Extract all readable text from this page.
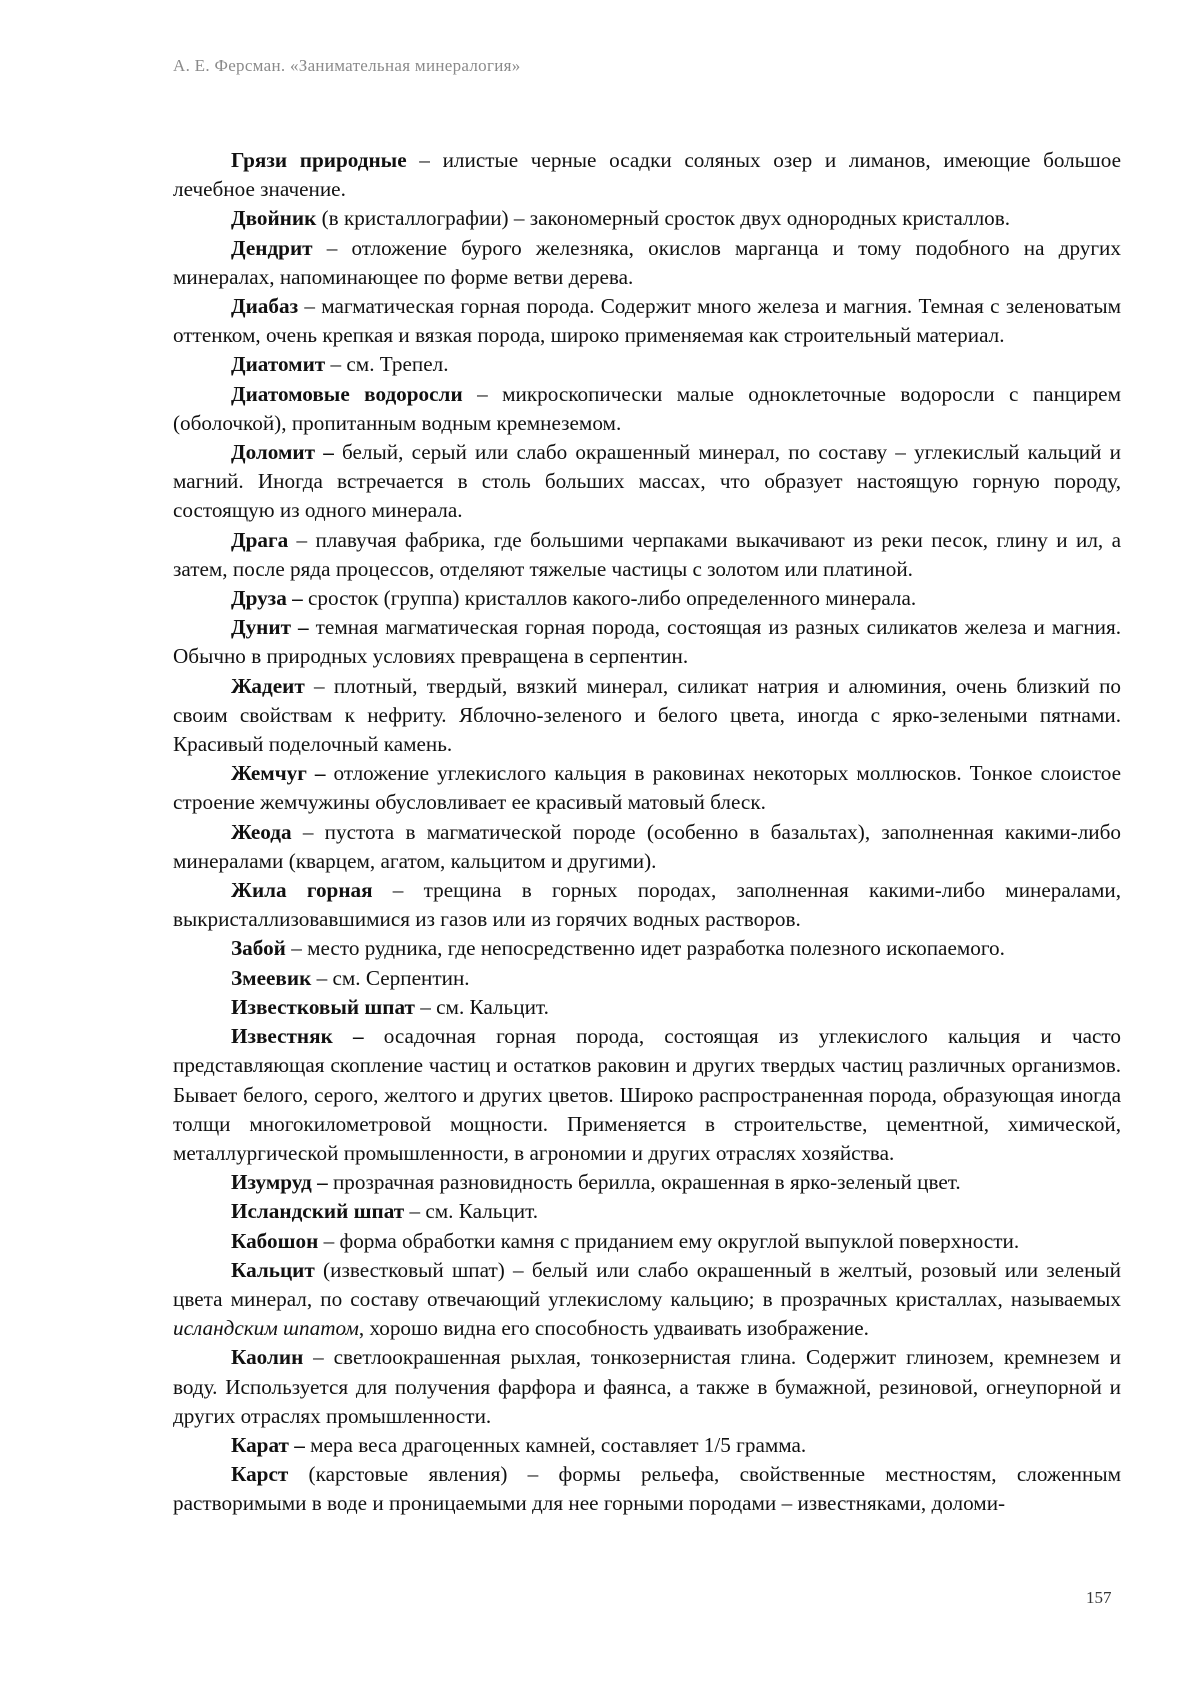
А. Е. Ферсман. «Занимательная минералогия»

Грязи природные – илистые черные осадки соляных озер и лиманов, имеющие большое лечебное значение.

Двойник (в кристаллографии) – закономерный сросток двух однородных кристаллов.

Дендрит – отложение бурого железняка, окислов марганца и тому подобного на других минералах, напоминающее по форме ветви дерева.

Диабаз – магматическая горная порода. Содержит много железа и магния. Темная с зеленоватым оттенком, очень крепкая и вязкая порода, широко применяемая как строительный материал.

Диатомит – см. Трепел.

Диатомовые водоросли – микроскопически малые одноклеточные водоросли с панцирем (оболочкой), пропитанным водным кремнеземом.

Доломит – белый, серый или слабо окрашенный минерал, по составу – углекислый кальций и магний. Иногда встречается в столь больших массах, что образует настоящую горную породу, состоящую из одного минерала.

Драга – плавучая фабрика, где большими черпаками выкачивают из реки песок, глину и ил, а затем, после ряда процессов, отделяют тяжелые частицы с золотом или платиной.

Друза – сросток (группа) кристаллов какого-либо определенного минерала.

Дунит – темная магматическая горная порода, состоящая из разных силикатов железа и магния. Обычно в природных условиях превращена в серпентин.

Жадеит – плотный, твердый, вязкий минерал, силикат натрия и алюминия, очень близкий по своим свойствам к нефриту. Яблочно-зеленого и белого цвета, иногда с ярко-зелеными пятнами. Красивый поделочный камень.

Жемчуг – отложение углекислого кальция в раковинах некоторых моллюсков. Тонкое слоистое строение жемчужины обусловливает ее красивый матовый блеск.

Жеода – пустота в магматической породе (особенно в базальтах), заполненная какими-либо минералами (кварцем, агатом, кальцитом и другими).

Жила горная – трещина в горных породах, заполненная какими-либо минералами, выкристаллизовавшимися из газов или из горячих водных растворов.

Забой – место рудника, где непосредственно идет разработка полезного ископаемого.

Змеевик – см. Серпентин.

Известковый шпат – см. Кальцит.

Известняк – осадочная горная порода, состоящая из углекислого кальция и часто представляющая скопление частиц и остатков раковин и других твердых частиц различных организмов. Бывает белого, серого, желтого и других цветов. Широко распространенная порода, образующая иногда толщи многокилометровой мощности. Применяется в строительстве, цементной, химической, металлургической промышленности, в агрономии и других отраслях хозяйства.

Изумруд – прозрачная разновидность берилла, окрашенная в ярко-зеленый цвет.

Исландский шпат – см. Кальцит.

Кабошон – форма обработки камня с приданием ему округлой выпуклой поверхности.

Кальцит (известковый шпат) – белый или слабо окрашенный в желтый, розовый или зеленый цвета минерал, по составу отвечающий углекислому кальцию; в прозрачных кристаллах, называемых исландским шпатом, хорошо видна его способность удваивать изображение.

Каолин – светлоокрашенная рыхлая, тонкозернистая глина. Содержит глинозем, кремнезем и воду. Используется для получения фарфора и фаянса, а также в бумажной, резиновой, огнеупорной и других отраслях промышленности.

Карат – мера веса драгоценных камней, составляет 1/5 грамма.

Карст (карстовые явления) – формы рельефа, свойственные местностям, сложенным растворимыми в воде и проницаемыми для нее горными породами – известняками, доломи-

157
